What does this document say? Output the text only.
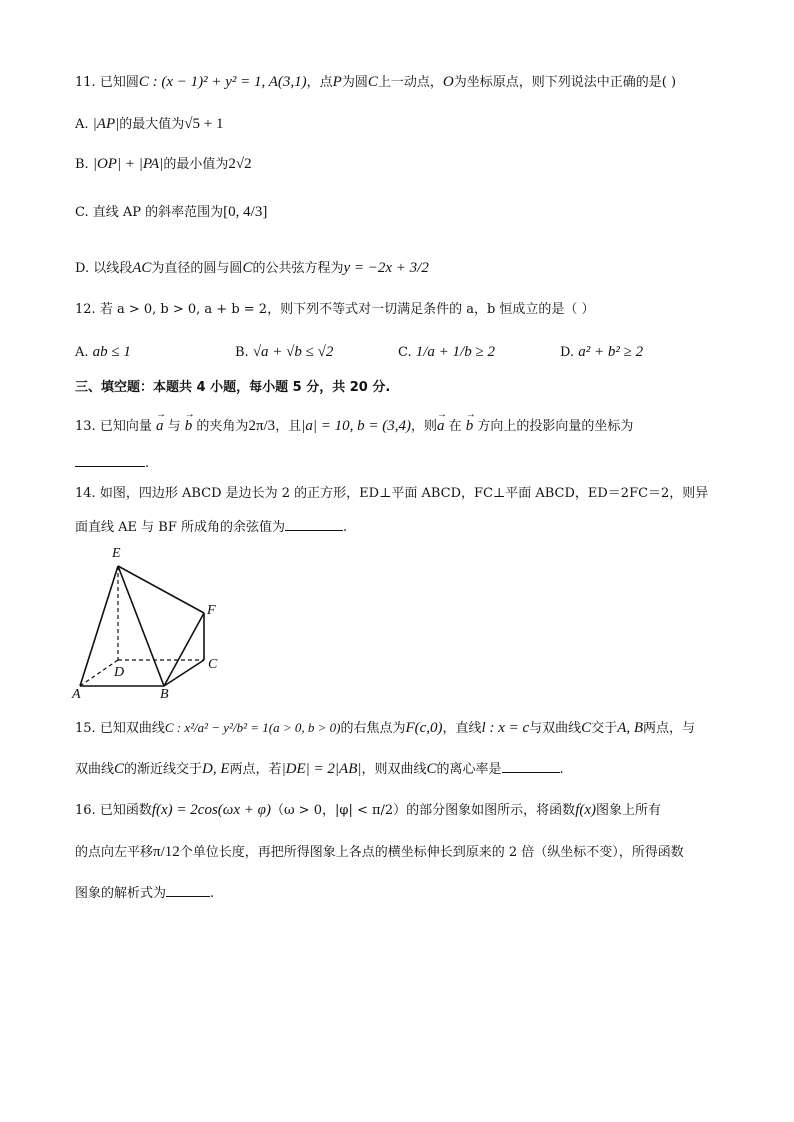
11. 已知圆C : (x − 1)² + y² = 1, A(3,1)，点P为圆C上一动点，O为坐标原点，则下列说法中正确的是( )
A. |AP|的最大值为√5 + 1
B. |OP| + |PA|的最小值为2√2
C. 直线 AP 的斜率范围为[0, 4/3]
D. 以线段AC为直径的圆与圆C的公共弦方程为y = −2x + 3/2
12. 若 a > 0, b > 0, a + b = 2，则下列不等式对一切满足条件的 a，b 恒成立的是（ ）
A. ab ≤ 1	B. √a + √b ≤ √2	C. 1/a + 1/b ≥ 2	D. a² + b² ≥ 2
三、填空题：本题共 4 小题，每小题 5 分，共 20 分.
13. 已知向量 → a 与 → b 的夹角为2π/3，且|a| = 10, b = (3,4)，则→ a 在 → b 方向上的投影向量的坐标为
.
14. 如图，四边形 ABCD 是边长为 2 的正方形，ED⊥平面 ABCD，FC⊥平面 ABCD，ED＝2FC＝2，则异
面直线 AE 与 BF 所成角的余弦值为	.
E
F
C
D
A	B
15. 已知双曲线C : x²/a² − y²/b² = 1(a > 0, b > 0)的右焦点为F(c,0)，直线l : x = c与双曲线C交于A, B两点，与
双曲线C的渐近线交于D, E两点，若|DE| = 2|AB|，则双曲线C的离心率是	.
16. 已知函数f(x) = 2cos(ωx + φ)（ω > 0，|φ| < π/2）的部分图象如图所示，将函数f(x)图象上所有
的点向左平移π/12个单位长度，再把所得图象上各点的横坐标伸长到原来的 2 倍（纵坐标不变），所得函数
图象的解析式为	.
